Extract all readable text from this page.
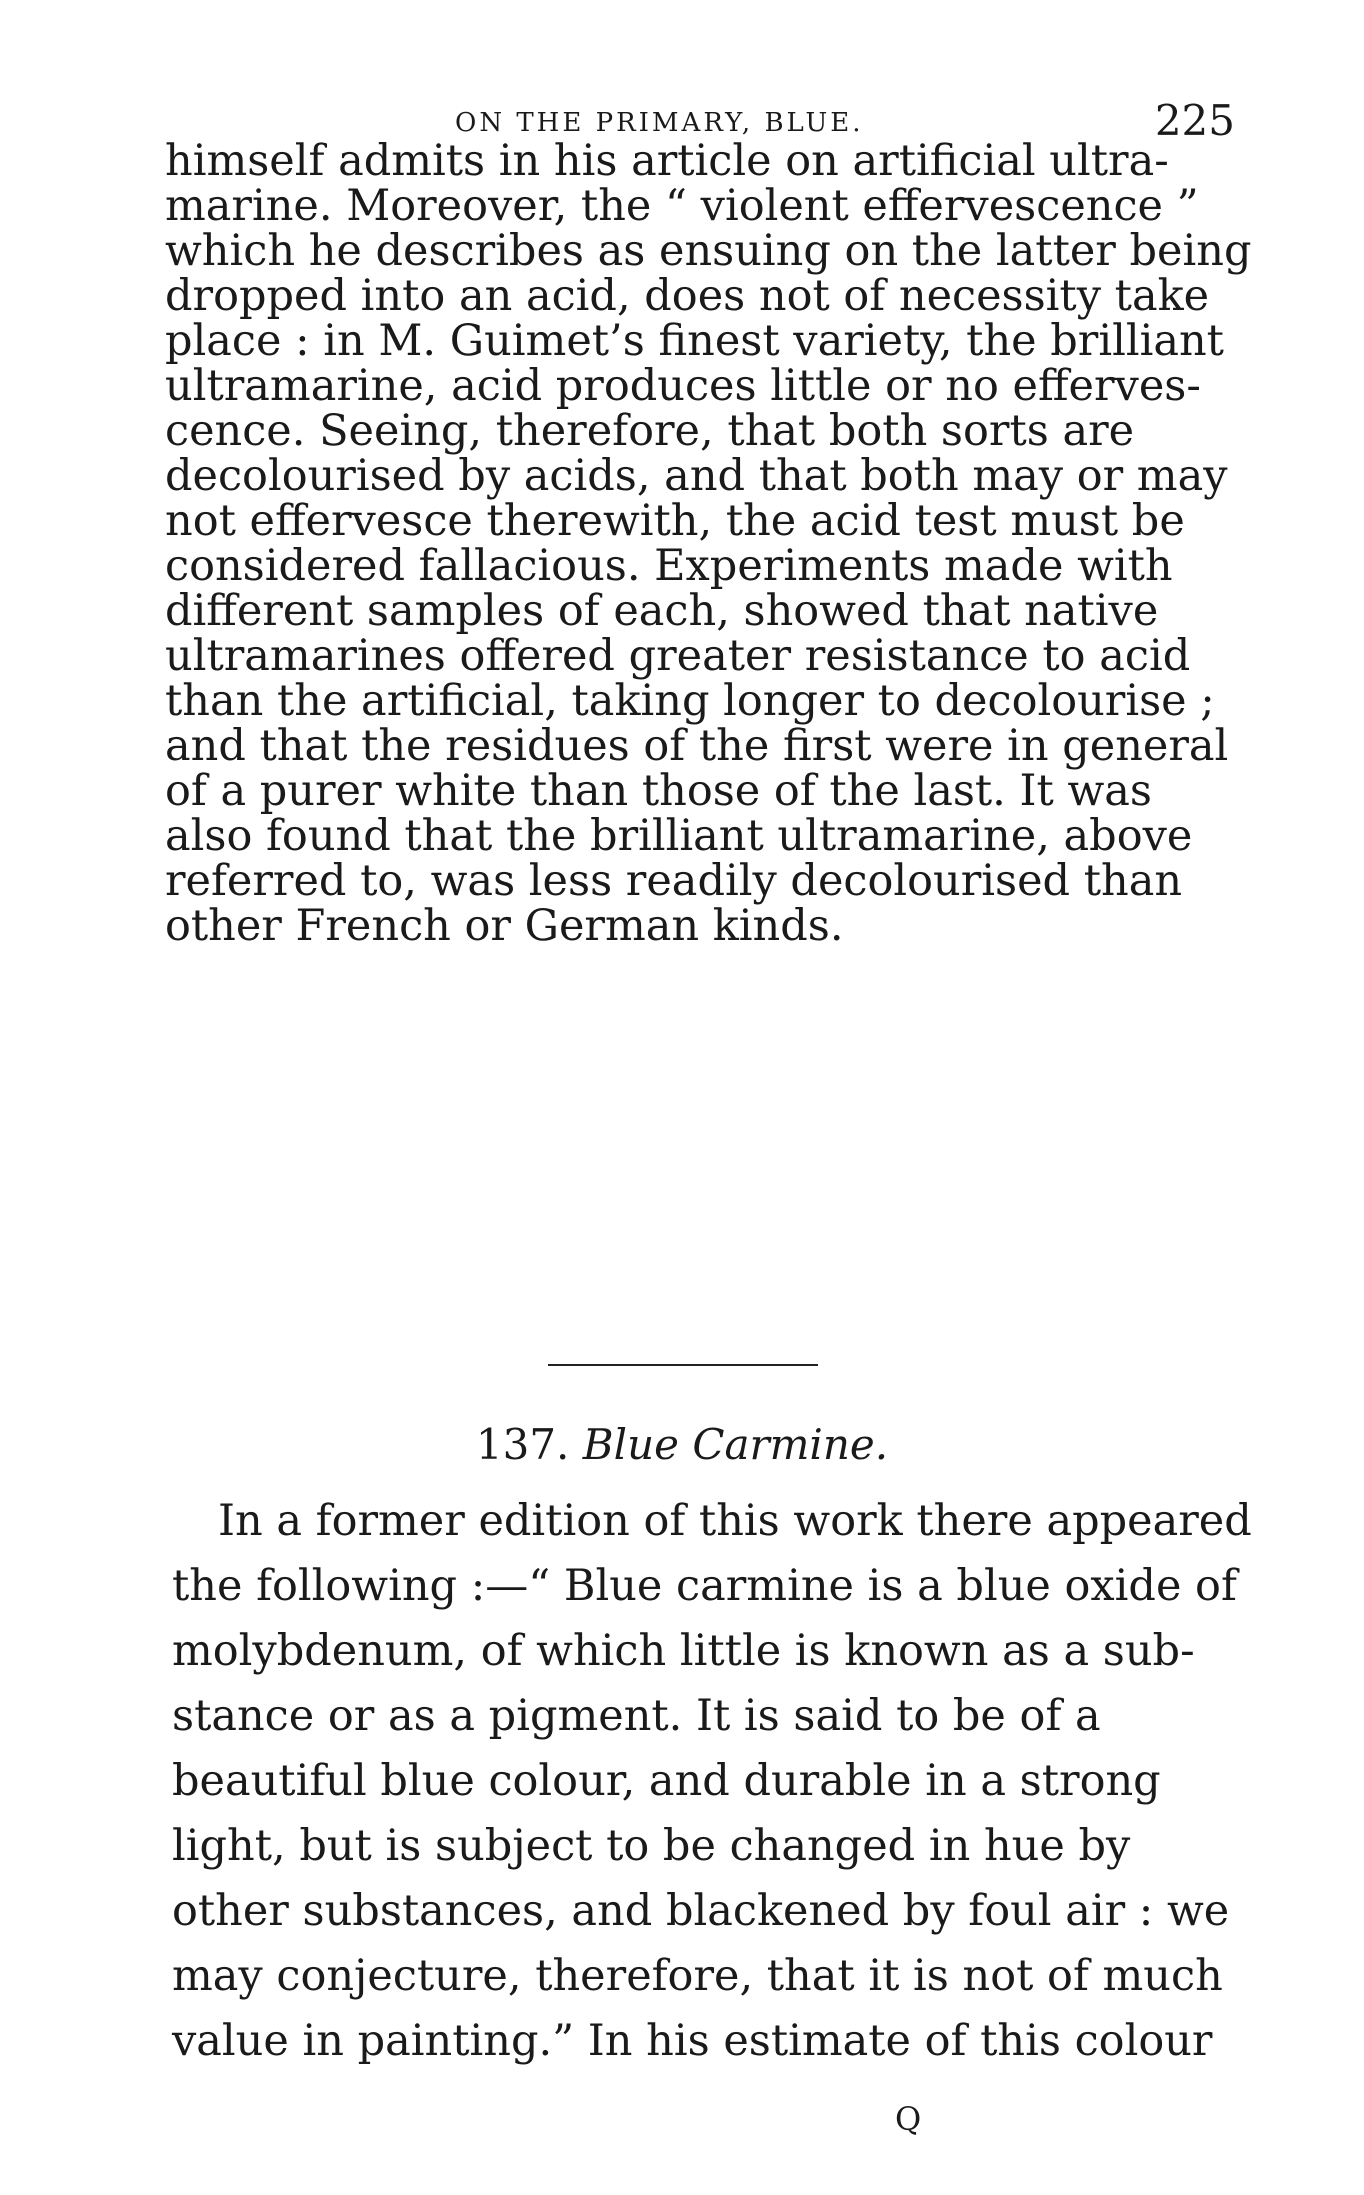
ON THE PRIMARY, BLUE.	225
himself admits in his article on artificial ultra-
marine. Moreover, the “ violent effervescence ”
which he describes as ensuing on the latter being
dropped into an acid, does not of necessity take
place : in M. Guimet’s finest variety, the brilliant
ultramarine, acid produces little or no efferves-
cence. Seeing, therefore, that both sorts are
decolourised by acids, and that both may or may
not effervesce therewith, the acid test must be
considered fallacious. Experiments made with
different samples of each, showed that native
ultramarines offered greater resistance to acid
than the artificial, taking longer to decolourise ;
and that the residues of the first were in general
of a purer white than those of the last. It was
also found that the brilliant ultramarine, above
referred to, was less readily decolourised than
other French or German kinds.
137. Blue Carmine.
In a former edition of this work there appeared
the following :—“ Blue carmine is a blue oxide of
molybdenum, of which little is known as a sub-
stance or as a pigment. It is said to be of a
beautiful blue colour, and durable in a strong
light, but is subject to be changed in hue by
other substances, and blackened by foul air : we
may conjecture, therefore, that it is not of much
value in painting.” In his estimate of this colour
Q
